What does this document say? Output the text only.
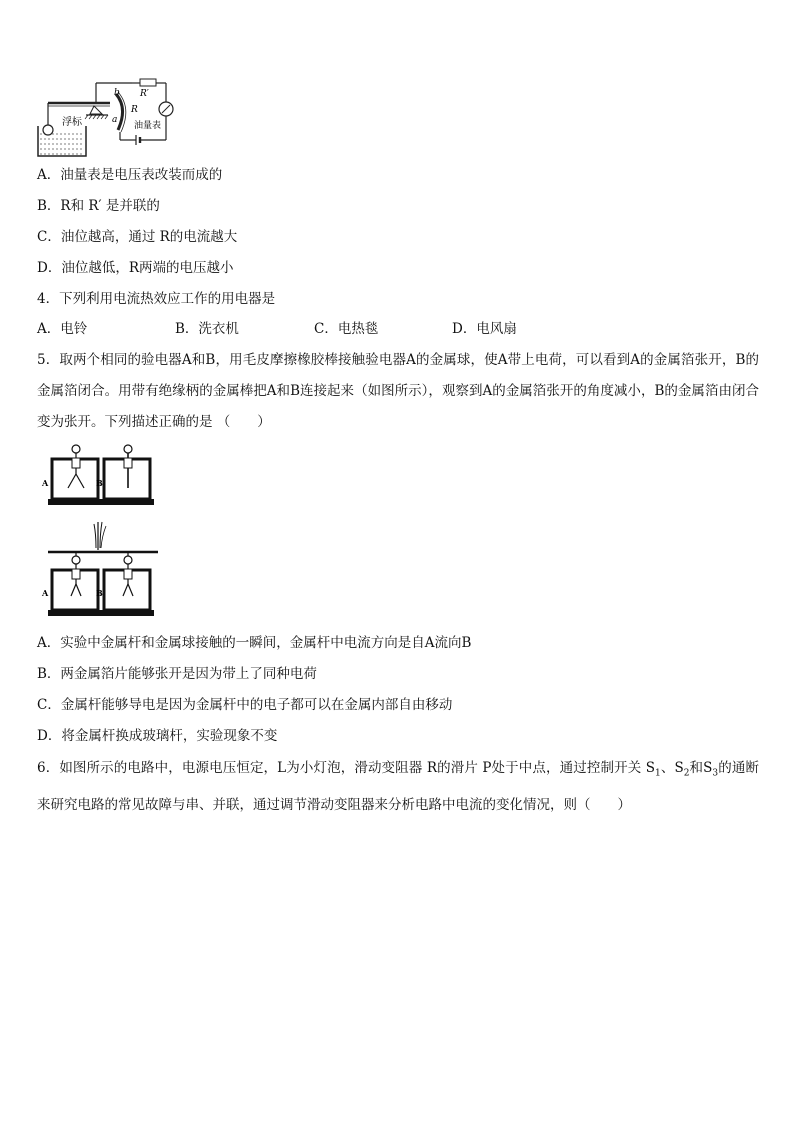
浮标	油量表
R
R′
a
b
A．油量表是电压表改装而成的
B．R和 R′ 是并联的
C．油位越高，通过 R的电流越大
D．油位越低，R两端的电压越小
4．下列利用电流热效应工作的用电器是
A．电铃	B．洗衣机	C．电热毯	D．电风扇
5．取两个相同的验电器A和B，用毛皮摩擦橡胶棒接触验电器A的金属球，使A带上电荷，可以看到A的金属箔张开，B的金属箔闭合。用带有绝缘柄的金属棒把A和B连接起来（如图所示），观察到A的金属箔张开的角度减小，B的金属箔由闭合变为张开。下列描述正确的是 （　　）
A	B
A	B
A．实验中金属杆和金属球接触的一瞬间，金属杆中电流方向是自A流向B
B．两金属箔片能够张开是因为带上了同种电荷
C．金属杆能够导电是因为金属杆中的电子都可以在金属内部自由移动
D．将金属杆换成玻璃杆，实验现象不变
6．如图所示的电路中，电源电压恒定，L为小灯泡，滑动变阻器 R的滑片 P处于中点，通过控制开关 $S_1$、$S_2$和$S_3$的通断来研究电路的常见故障与串、并联，通过调节滑动变阻器来分析电路中电流的变化情况，则（　　）
